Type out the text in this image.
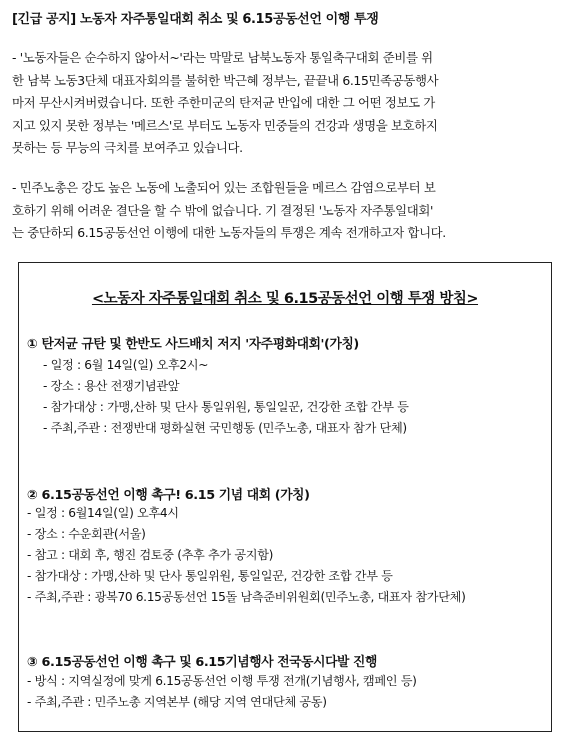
[긴급 공지] 노동자 자주통일대회 취소 및 6.15공동선언 이행 투쟁
- '노동자들은 순수하지 않아서~'라는 막말로 남북노동자 통일축구대회 준비를 위
한 남북 노동3단체 대표자회의를 불허한 박근혜 정부는, 끝끝내 6.15민족공동행사
마저 무산시켜버렸습니다. 또한 주한미군의 탄저균 반입에 대한 그 어떤 정보도 가
지고 있지 못한 정부는 '메르스'로 부터도 노동자 민중들의 건강과 생명을 보호하지
못하는 등 무능의 극치를 보여주고 있습니다.
- 민주노총은 강도 높은 노동에 노출되어 있는 조합원들을 메르스 감염으로부터 보
호하기 위해 어려운 결단을 할 수 밖에 없습니다. 기 결정된 '노동자 자주통일대회'
는 중단하되 6.15공동선언 이행에 대한 노동자들의 투쟁은 계속 전개하고자 합니다.
<노동자 자주통일대회 취소 및 6.15공동선언 이행 투쟁 방침>
① 탄저균 규탄 및 한반도 사드배치 저지 '자주평화대회'(가칭)
- 일정 : 6월 14일(일) 오후2시~
- 장소 : 용산 전쟁기념관앞
- 참가대상 : 가맹,산하 및 단사 통일위원, 통일일꾼, 건강한 조합 간부 등
- 주최,주관 : 전쟁반대 평화실현 국민행동 (민주노총, 대표자 참가 단체)
② 6.15공동선언 이행 촉구! 6.15 기념 대회 (가칭)
- 일정 : 6월14일(일) 오후4시
- 장소 : 수운회관(서울)
- 참고 : 대회 후, 행진 검토중 (추후 추가 공지함)
- 참가대상 : 가맹,산하 및 단사 통일위원, 통일일꾼, 건강한 조합 간부 등
- 주최,주관 : 광복70 6.15공동선언 15돌 남측준비위원회(민주노총, 대표자 참가단체)
③ 6.15공동선언 이행 촉구 및 6.15기념행사 전국동시다발 진행
- 방식 : 지역실정에 맞게 6.15공동선언 이행 투쟁 전개(기념행사, 캠페인 등)
- 주최,주관 : 민주노총 지역본부 (해당 지역 연대단체 공동)
